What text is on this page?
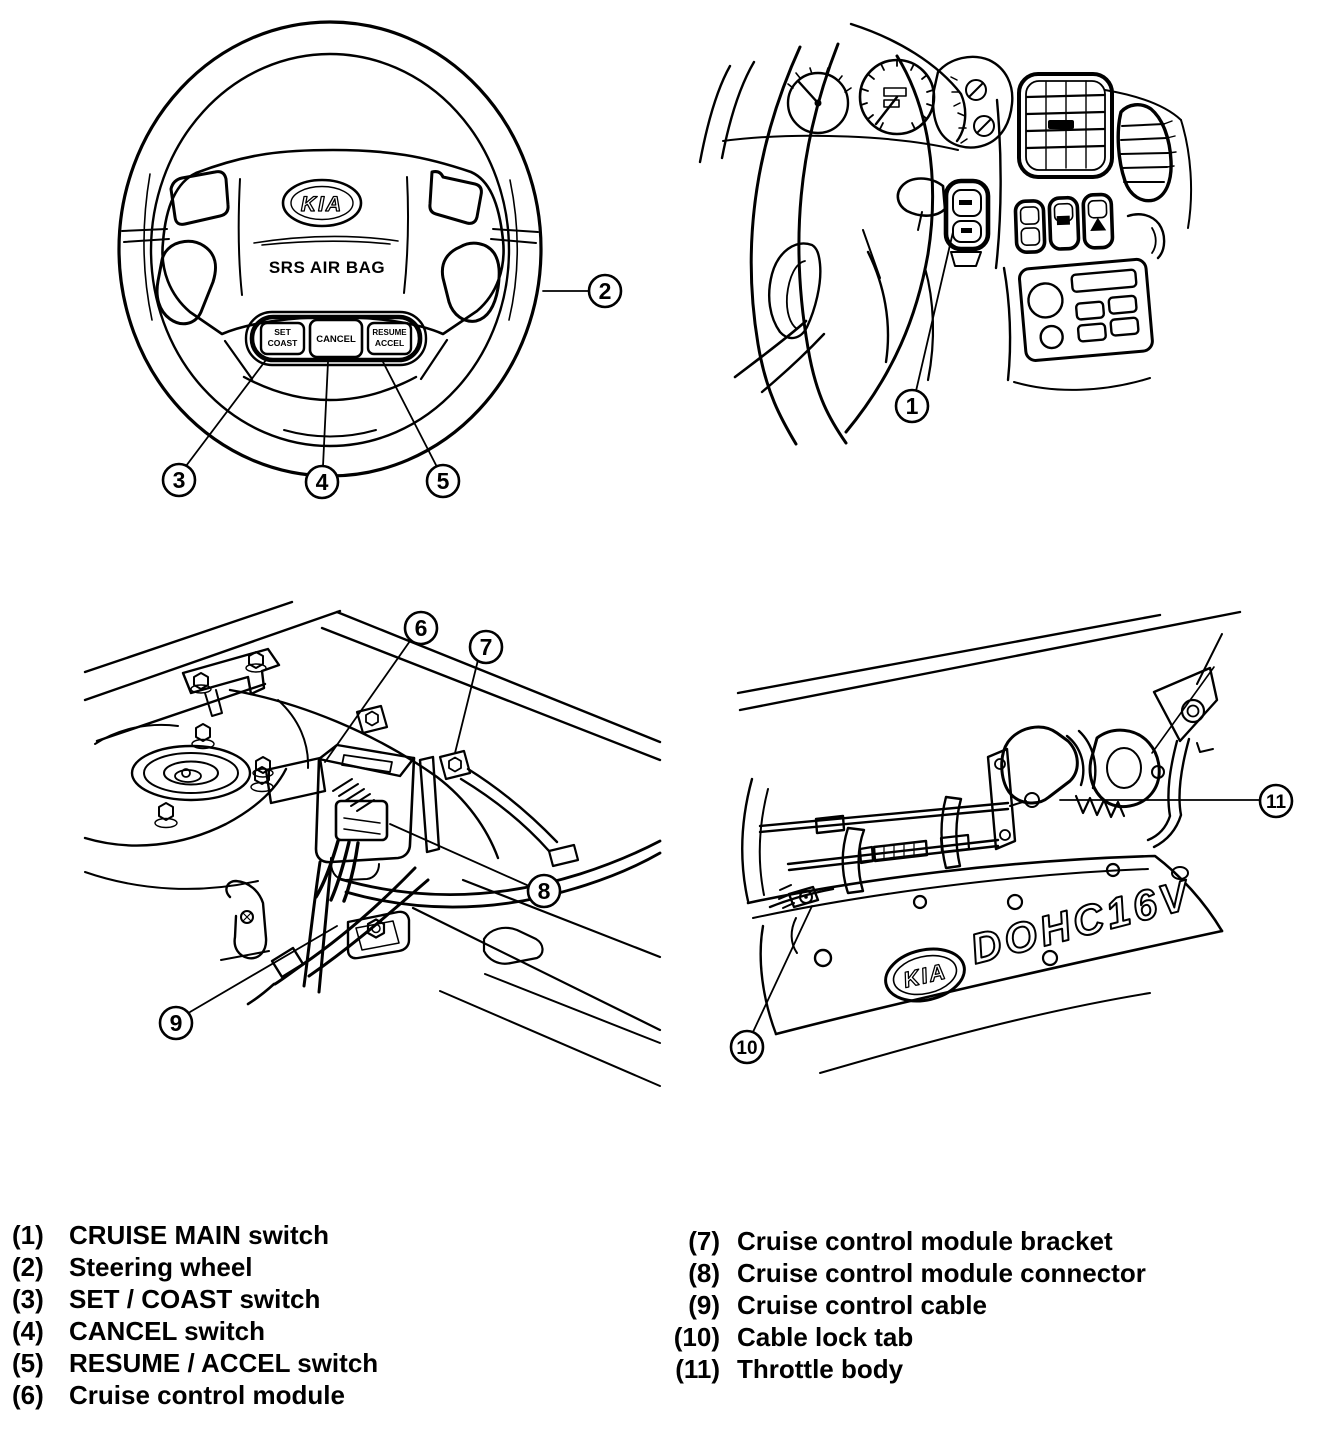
KIA
SRS AIR BAG
SET
COAST CANCEL
RESUME
ACCEL
DOHC16V
KIA
1
2
3	4	5
6
7
8
9
10
11
(1) CRUISE MAIN switch
(2) Steering wheel
(3) SET / COAST switch
(4) CANCEL switch
(5) RESUME / ACCEL switch
(6) Cruise control module
(7) Cruise control module bracket
(8) Cruise control module connector
(9) Cruise control cable
(10) Cable lock tab
(11) Throttle body
